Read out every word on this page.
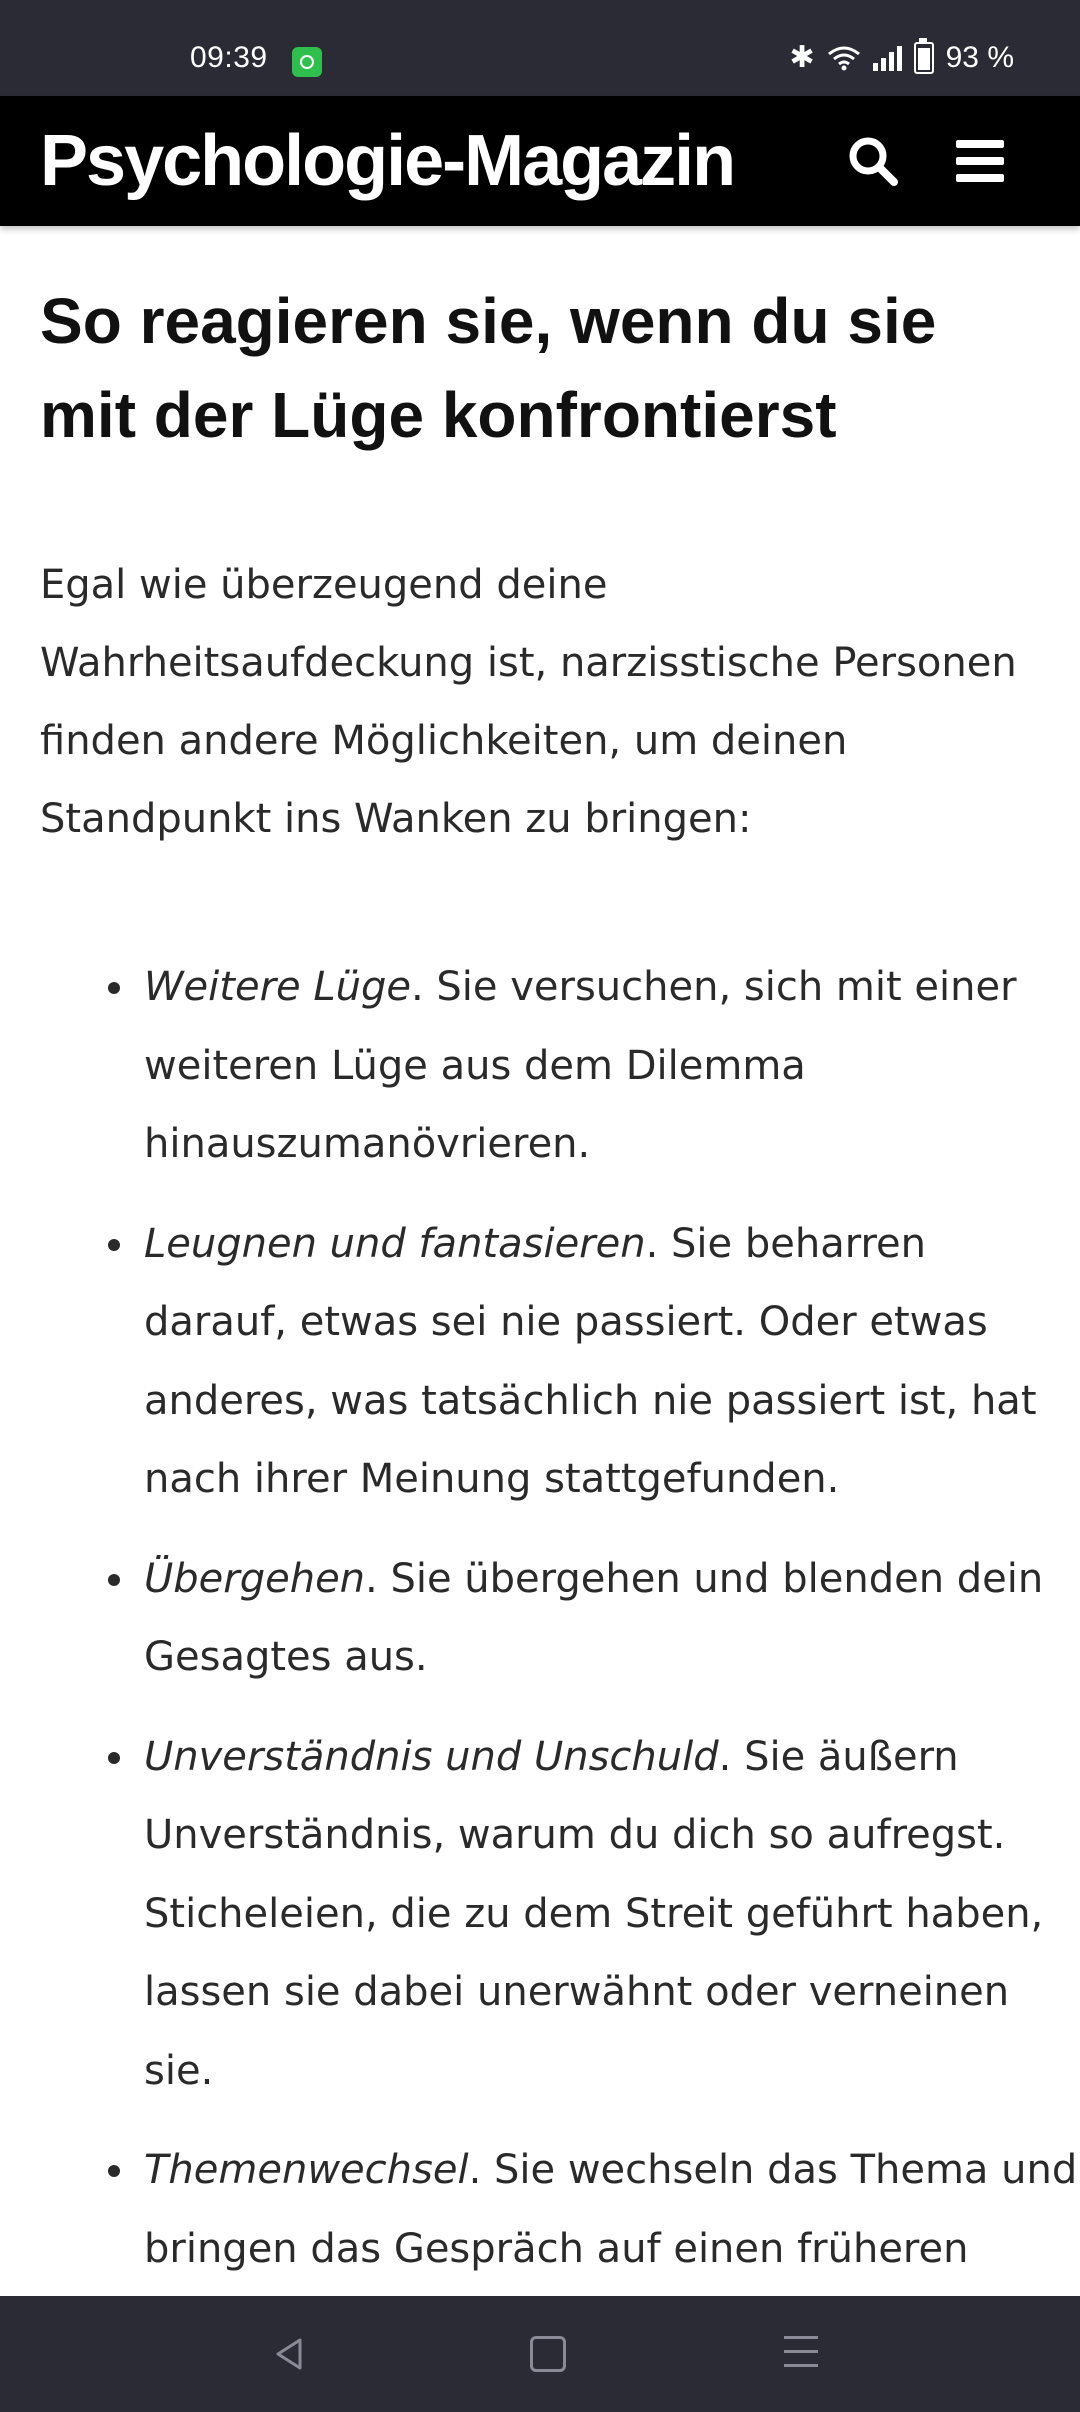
09:39	✱	93 %
Psychologie-Magazin
So reagieren sie, wenn du sie mit der Lüge konfrontierst

Egal wie überzeugend deine Wahrheitsaufdeckung ist, narzisstische Personen finden andere Möglichkeiten, um deinen Standpunkt ins Wanken zu bringen:

Weitere Lüge. Sie versuchen, sich mit einer weiteren Lüge aus dem Dilemma hinauszumanövrieren.
Leugnen und fantasieren. Sie beharren darauf, etwas sei nie passiert. Oder etwas anderes, was tatsächlich nie passiert ist, hat nach ihrer Meinung stattgefunden.
Übergehen. Sie übergehen und blenden dein Gesagtes aus.
Unverständnis und Unschuld. Sie äußern Unverständnis, warum du dich so aufregst. Sticheleien, die zu dem Streit geführt haben, lassen sie dabei unerwähnt oder verneinen sie.
Themenwechsel. Sie wechseln das Thema und bringen das Gespräch auf einen früheren
